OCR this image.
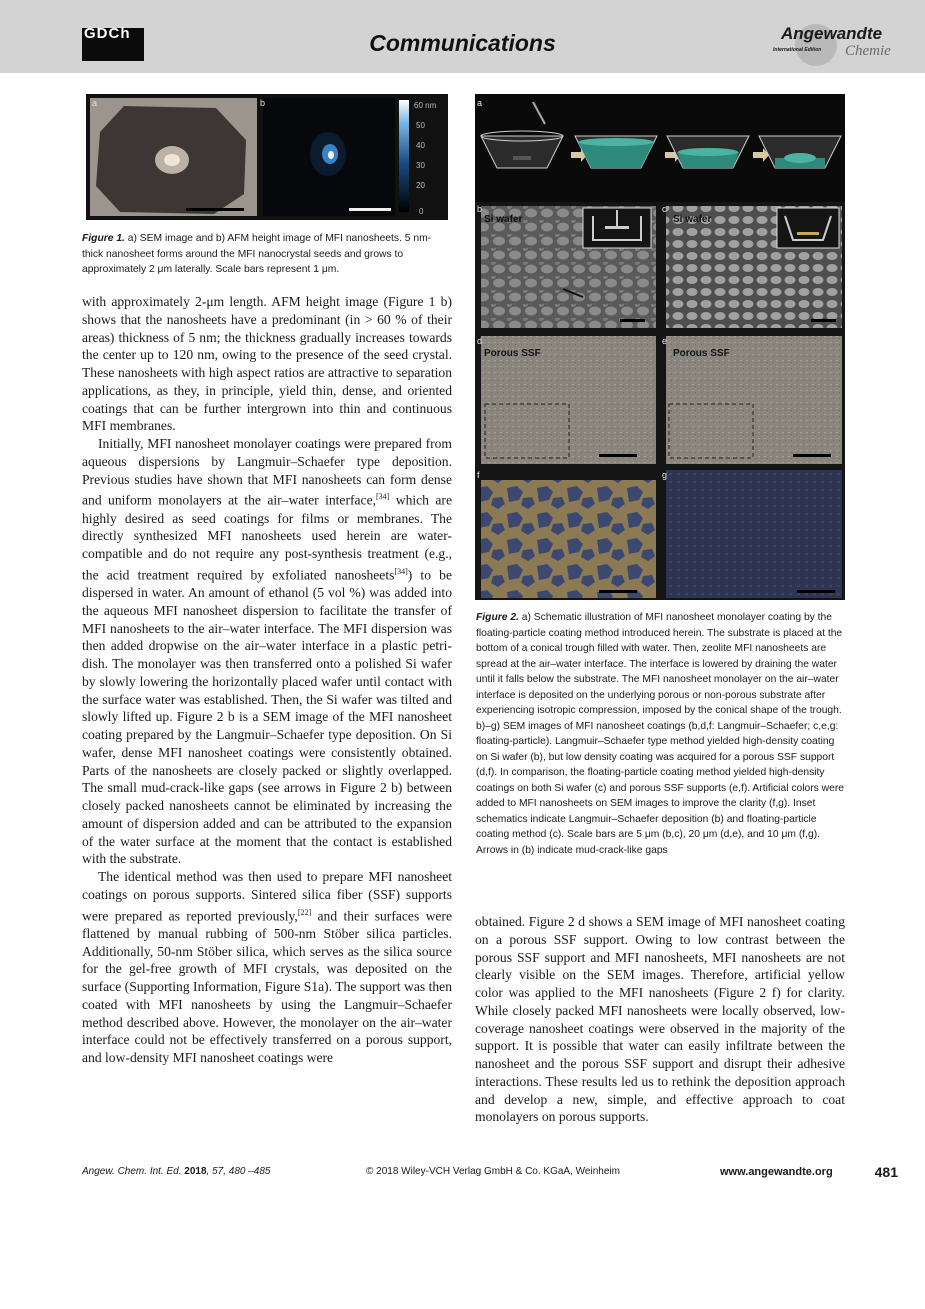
GDCh	Communications	Angewandte
International Edition Chemie
a	b	60 nm
50
40
30
20
0
Figure 1. a) SEM image and b) AFM height image of MFI nanosheets. 5 nm-thick nanosheet forms around the MFI nanocrystal seeds and grows to approximately 2 μm laterally. Scale bars represent 1 μm.
a
b
Si wafer
c
Si wafer
d
Porous SSF
e
Porous SSF
f	g
Figure 2. a) Schematic illustration of MFI nanosheet monolayer coating by the floating-particle coating method introduced herein. The substrate is placed at the bottom of a conical trough filled with water. Then, zeolite MFI nanosheets are spread at the air–water interface. The interface is lowered by draining the water until it falls below the substrate. The MFI nanosheet monolayer on the air–water interface is deposited on the underlying porous or non-porous substrate after experiencing isotropic compression, imposed by the conical shape of the trough. b)–g) SEM images of MFI nanosheet coatings (b,d,f: Langmuir–Schaefer; c,e,g: floating-particle). Langmuir–Schaefer type method yielded high-density coating on Si wafer (b), but low density coating was acquired for a porous SSF support (d,f). In comparison, the floating-particle coating method yielded high-density coatings on both Si wafer (c) and porous SSF supports (e,f). Artificial colors were added to MFI nanosheets on SEM images to improve the clarity (f,g). Inset schematics indicate Langmuir–Schaefer deposition (b) and floating-particle coating method (c). Scale bars are 5 μm (b,c), 20 μm (d,e), and 10 μm (f,g). Arrows in (b) indicate mud-crack-like gaps

with approximately 2-μm length. AFM height image (Figure 1 b) shows that the nanosheets have a predominant (in > 60 % of their areas) thickness of 5 nm; the thickness gradually increases towards the center up to 120 nm, owing to the presence of the seed crystal. These nanosheets with high aspect ratios are attractive to separation applications, as they, in principle, yield thin, dense, and oriented coatings that can be further intergrown into thin and continuous MFI membranes.

Initially, MFI nanosheet monolayer coatings were prepared from aqueous dispersions by Langmuir–Schaefer type deposition. Previous studies have shown that MFI nanosheets can form dense and uniform monolayers at the air–water interface,[34] which are highly desired as seed coatings for films or membranes. The directly synthesized MFI nanosheets used herein are water-compatible and do not require any post-synthesis treatment (e.g., the acid treatment required by exfoliated nanosheets[34]) to be dispersed in water. An amount of ethanol (5 vol %) was added into the aqueous MFI nanosheet dispersion to facilitate the transfer of MFI nanosheets to the air–water interface. The MFI dispersion was then added dropwise on the air–water interface in a plastic petri-dish. The monolayer was then transferred onto a polished Si wafer by slowly lowering the horizontally placed wafer until contact with the surface water was established. Then, the Si wafer was tilted and slowly lifted up. Figure 2 b is a SEM image of the MFI nanosheet coating prepared by the Langmuir–Schaefer type deposition. On Si wafer, dense MFI nanosheet coatings were consistently obtained. Parts of the nanosheets are closely packed or slightly overlapped. The small mud-crack-like gaps (see arrows in Figure 2 b) between closely packed nanosheets cannot be eliminated by increasing the amount of dispersion added and can be attributed to the expansion of the water surface at the moment that the contact is established with the substrate.

The identical method was then used to prepare MFI nanosheet coatings on porous supports. Sintered silica fiber (SSF) supports were prepared as reported previously,[22] and their surfaces were flattened by manual rubbing of 500-nm Stöber silica particles. Additionally, 50-nm Stöber silica, which serves as the silica source for the gel-free growth of MFI crystals, was deposited on the surface (Supporting Information, Figure S1a). The support was then coated with MFI nanosheets by using the Langmuir–Schaefer method described above. However, the monolayer on the air–water interface could not be effectively transferred on a porous support, and low-density MFI nanosheet coatings were

obtained. Figure 2 d shows a SEM image of MFI nanosheet coating on a porous SSF support. Owing to low contrast between the porous SSF support and MFI nanosheets, MFI nanosheets are not clearly visible on the SEM images. Therefore, artificial yellow color was applied to the MFI nanosheets (Figure 2 f) for clarity. While closely packed MFI nanosheets were locally observed, low-coverage nanosheet coatings were observed in the majority of the support. It is possible that water can easily infiltrate between the nanosheet and the porous SSF support and disrupt their adhesive interactions. These results led us to rethink the deposition approach and develop a new, simple, and effective approach to coat monolayers on porous supports.

Angew. Chem. Int. Ed. 2018, 57, 480 –485	© 2018 Wiley-VCH Verlag GmbH & Co. KGaA, Weinheim	www.angewandte.org	481
